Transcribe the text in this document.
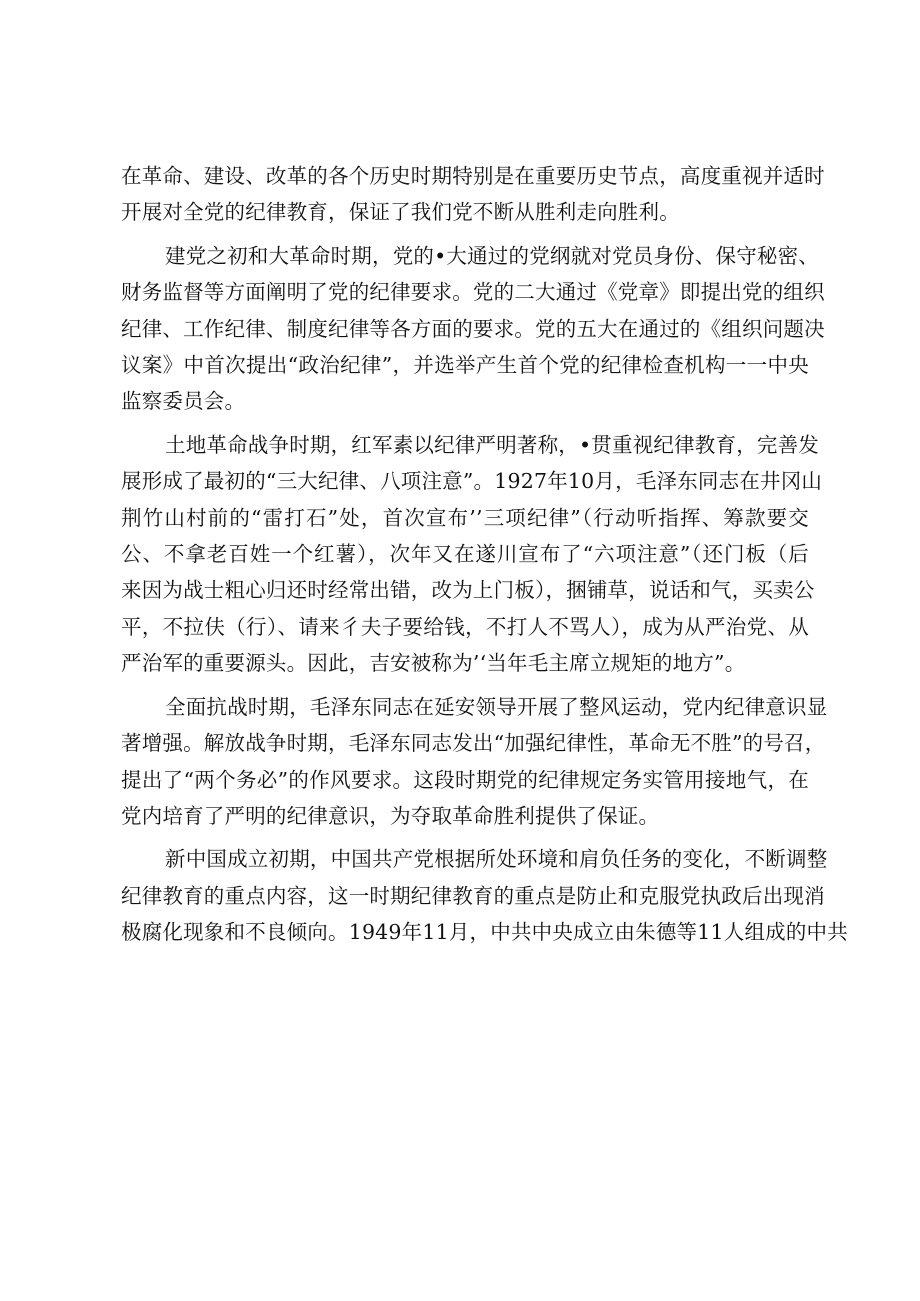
在革命、建设、改革的各个历史时期特别是在重要历史节点，高度重视并适时
开展对全党的纪律教育，保证了我们党不断从胜利走向胜利。
建党之初和大革命时期，党的•大通过的党纲就对党员身份、保守秘密、
财务监督等方面阐明了党的纪律要求。党的二大通过《党章》即提出党的组织
纪律、工作纪律、制度纪律等各方面的要求。党的五大在通过的《组织问题决
议案》中首次提出“政治纪律”，并选举产生首个党的纪律检查机构一一中央
监察委员会。
土地革命战争时期，红军素以纪律严明著称，•贯重视纪律教育，完善发
展形成了最初的“三大纪律、八项注意”。1927年10月，毛泽东同志在井冈山
荆竹山村前的“雷打石”处，首次宣布’’三项纪律”（行动听指挥、筹款要交
公、不拿老百姓一个红薯），次年又在遂川宣布了“六项注意”（还门板（后
来因为战士粗心归还时经常出错，改为上门板），捆铺草，说话和气，买卖公
平，不拉伕（行）、请来彳夫子要给钱，不打人不骂人），成为从严治党、从
严治军的重要源头。因此，吉安被称为’‘当年毛主席立规矩的地方”。
全面抗战时期，毛泽东同志在延安领导开展了整风运动，党内纪律意识显
著增强。解放战争时期，毛泽东同志发出“加强纪律性，革命无不胜”的号召，
提出了“两个务必”的作风要求。这段时期党的纪律规定务实管用接地气，在
党内培育了严明的纪律意识，为夺取革命胜利提供了保证。
新中国成立初期，中国共产党根据所处环境和肩负任务的变化，不断调整
纪律教育的重点内容，这一时期纪律教育的重点是防止和克服党执政后出现消
极腐化现象和不良倾向。1949年11月，中共中央成立由朱德等11人组成的中共
